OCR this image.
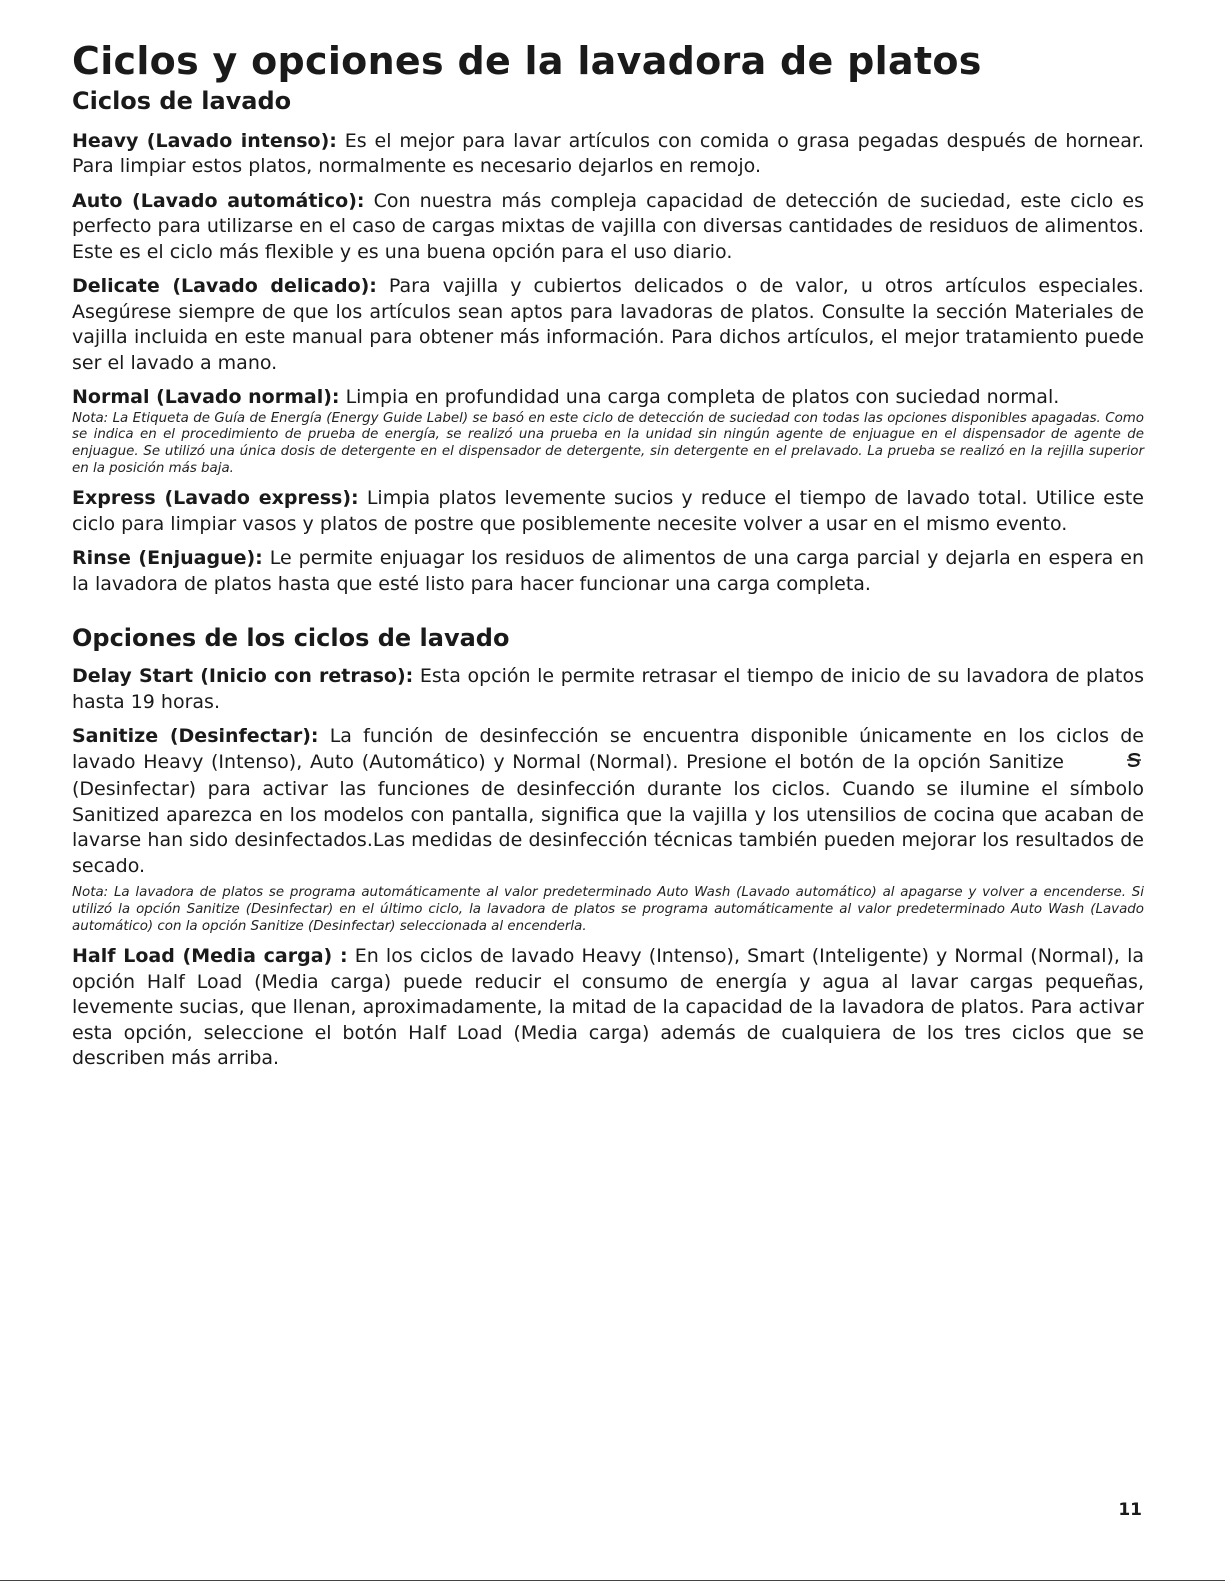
Ciclos y opciones de la lavadora de platos
Ciclos de lavado

Heavy (Lavado intenso): Es el mejor para lavar artículos con comida o grasa pegadas después de hornear. Para limpiar estos platos, normalmente es necesario dejarlos en remojo.

Auto (Lavado automático): Con nuestra más compleja capacidad de detección de suciedad, este ciclo es perfecto para utilizarse en el caso de cargas mixtas de vajilla con diversas cantidades de residuos de alimentos. Este es el ciclo más flexible y es una buena opción para el uso diario.

Delicate (Lavado delicado): Para vajilla y cubiertos delicados o de valor, u otros artículos especiales. Asegúrese siempre de que los artículos sean aptos para lavadoras de platos. Consulte la sección Materiales de vajilla incluida en este manual para obtener más información. Para dichos artículos, el mejor tratamiento puede ser el lavado a mano.

Normal (Lavado normal): Limpia en profundidad una carga completa de platos con suciedad normal.

Nota: La Etiqueta de Guía de Energía (Energy Guide Label) se basó en este ciclo de detección de suciedad con todas las opciones disponibles apagadas. Como se indica en el procedimiento de prueba de energía, se realizó una prueba en la unidad sin ningún agente de enjuague en el dispensador de agente de enjuague. Se utilizó una única dosis de detergente en el dispensador de detergente, sin detergente en el prelavado. La prueba se realizó en la rejilla superior en la posición más baja.

Express (Lavado express): Limpia platos levemente sucios y reduce el tiempo de lavado total. Utilice este ciclo para limpiar vasos y platos de postre que posiblemente necesite volver a usar en el mismo evento.

Rinse (Enjuague): Le permite enjuagar los residuos de alimentos de una carga parcial y dejarla en espera en la lavadora de platos hasta que esté listo para hacer funcionar una carga completa.

Opciones de los ciclos de lavado

Delay Start (Inicio con retraso): Esta opción le permite retrasar el tiempo de inicio de su lavadora de platos hasta 19 horas.

Sanitize (Desinfectar): La función de desinfección se encuentra disponible únicamente en los ciclos de lavado Heavy (Intenso), Auto (Automático) y Normal (Normal). Presione el botón de la opción Sanitize (Desinfectar) para activar las funciones de desinfección durante los ciclos. Cuando se ilumine el símbolo Sanitized aparezca en los modelos con pantalla, significa que la vajilla y los utensilios de cocina que acaban de lavarse han sido desinfectados.Las medidas de desinfección técnicas también pueden mejorar los resultados de secado.

Nota: La lavadora de platos se programa automáticamente al valor predeterminado Auto Wash (Lavado automático) al apagarse y volver a encenderse. Si utilizó la opción Sanitize (Desinfectar) en el último ciclo, la lavadora de platos se programa automáticamente al valor predeterminado Auto Wash (Lavado automático) con la opción Sanitize (Desinfectar) seleccionada al encenderla.

Half Load (Media carga) : En los ciclos de lavado Heavy (Intenso), Smart (Inteligente) y Normal (Normal), la opción Half Load (Media carga) puede reducir el consumo de energía y agua al lavar cargas pequeñas, levemente sucias, que llenan, aproximadamente, la mitad de la capacidad de la lavadora de platos. Para activar esta opción, seleccione el botón Half Load (Media carga) además de cualquiera de los tres ciclos que se describen más arriba.

11
